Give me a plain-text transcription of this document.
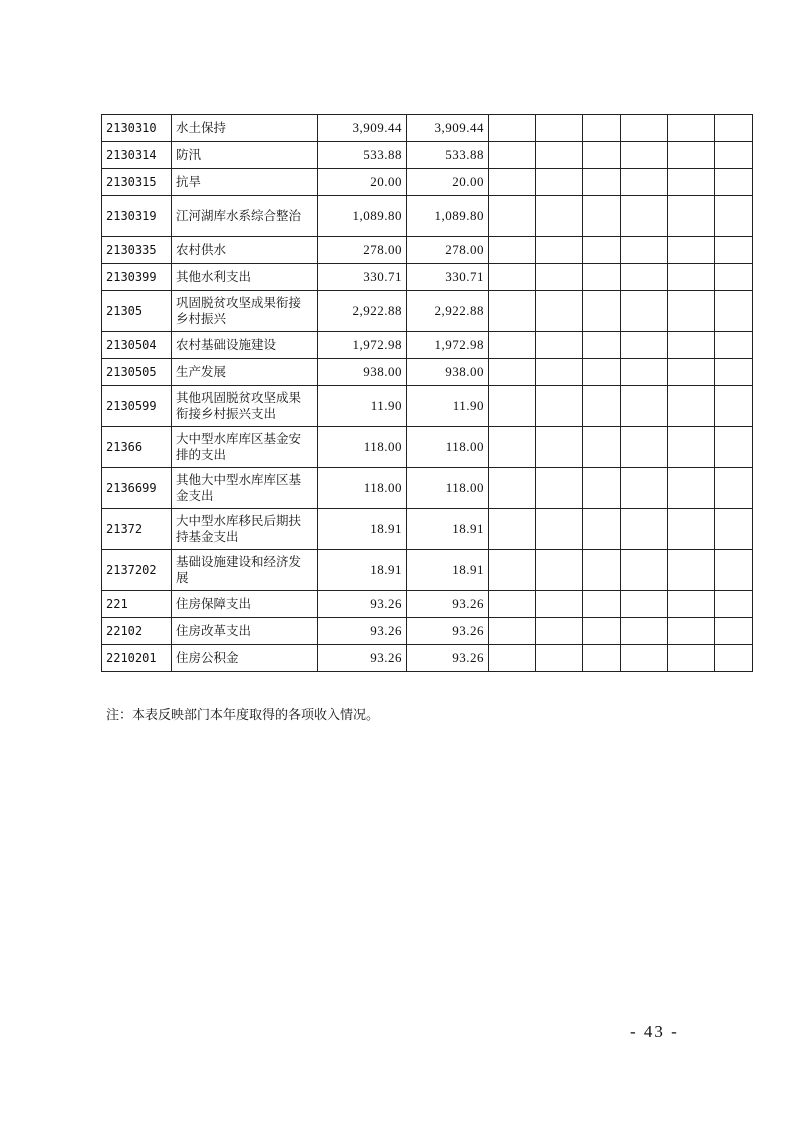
2130310	水土保持	3,909.44	3,909.44						
2130314	防汛	533.88	533.88						
2130315	抗旱	20.00	20.00						
2130319	江河湖库水系综合整治	1,089.80	1,089.80						
2130335	农村供水	278.00	278.00						
2130399	其他水利支出	330.71	330.71						
21305	巩固脱贫攻坚成果衔接乡村振兴	2,922.88	2,922.88						
2130504	农村基础设施建设	1,972.98	1,972.98						
2130505	生产发展	938.00	938.00						
2130599	其他巩固脱贫攻坚成果衔接乡村振兴支出	11.90	11.90						
21366	大中型水库库区基金安排的支出	118.00	118.00						
2136699	其他大中型水库库区基金支出	118.00	118.00						
21372	大中型水库移民后期扶持基金支出	18.91	18.91						
2137202	基础设施建设和经济发展	18.91	18.91						
221	住房保障支出	93.26	93.26						
22102	住房改革支出	93.26	93.26						
2210201	住房公积金	93.26	93.26						
注：本表反映部门本年度取得的各项收入情况。
- 43 -
